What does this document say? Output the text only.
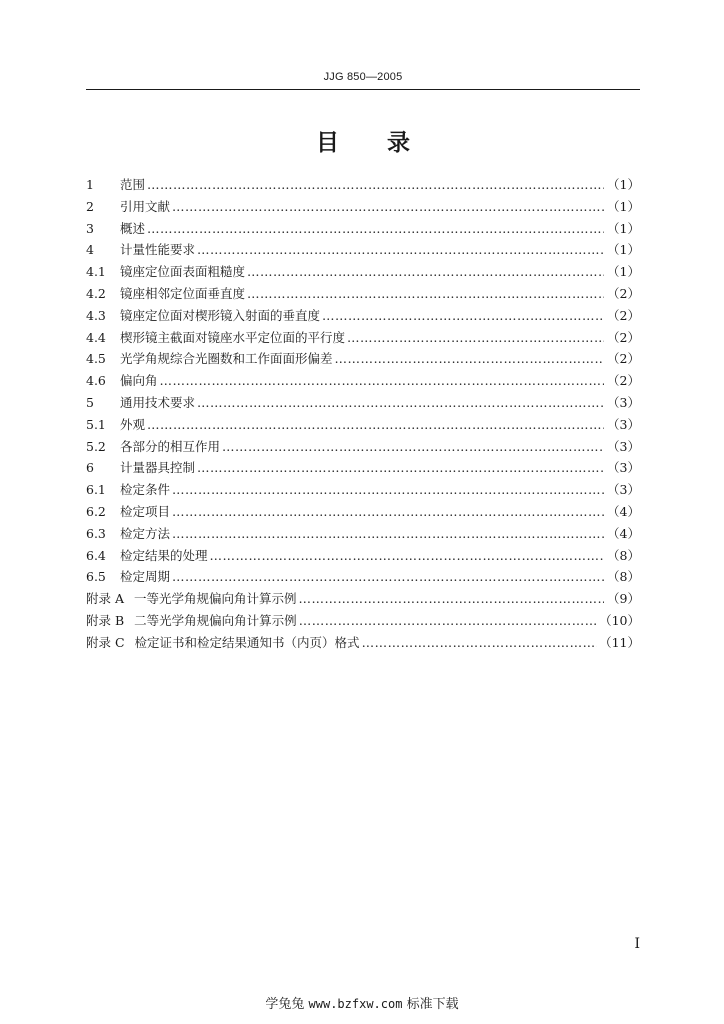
JJG 850—2005
目 录
1	范围 ……………………………………………………………………………………………………………………………………………………………………………………	（1）
2	引用文献 ……………………………………………………………………………………………………………………………………………………………………………………	（1）
3	概述 ……………………………………………………………………………………………………………………………………………………………………………………	（1）
4	计量性能要求 ……………………………………………………………………………………………………………………………………………………………………………………	（1）
4.1	镜座定位面表面粗糙度 ……………………………………………………………………………………………………………………………………………………………………………………	（1）
4.2	镜座相邻定位面垂直度 ……………………………………………………………………………………………………………………………………………………………………………………	（2）
4.3	镜座定位面对楔形镜入射面的垂直度 ……………………………………………………………………………………………………………………………………………………………………………………	（2）
4.4	楔形镜主截面对镜座水平定位面的平行度 ……………………………………………………………………………………………………………………………………………………………………………………	（2）
4.5	光学角规综合光圈数和工作面面形偏差 ……………………………………………………………………………………………………………………………………………………………………………………	（2）
4.6	偏向角 ……………………………………………………………………………………………………………………………………………………………………………………	（2）
5	通用技术要求 ……………………………………………………………………………………………………………………………………………………………………………………	（3）
5.1	外观 ……………………………………………………………………………………………………………………………………………………………………………………	（3）
5.2	各部分的相互作用 ……………………………………………………………………………………………………………………………………………………………………………………	（3）
6	计量器具控制 ……………………………………………………………………………………………………………………………………………………………………………………	（3）
6.1	检定条件 ……………………………………………………………………………………………………………………………………………………………………………………	（3）
6.2	检定项目 ……………………………………………………………………………………………………………………………………………………………………………………	（4）
6.3	检定方法 ……………………………………………………………………………………………………………………………………………………………………………………	（4）
6.4	检定结果的处理 ……………………………………………………………………………………………………………………………………………………………………………………	（8）
6.5	检定周期 ……………………………………………………………………………………………………………………………………………………………………………………	（8）
附录 A 一等光学角规偏向角计算示例 ……………………………………………………………………………………………………………………………………………………………………………………	（9）
附录 B 二等光学角规偏向角计算示例 ……………………………………………………………………………………………………………………………………………………………………………………	（10）
附录 C 检定证书和检定结果通知书（内页）格式 ……………………………………………………………………………………………………………………………………………………………………………………	（11）
I
学兔兔 www.bzfxw.com 标准下载
